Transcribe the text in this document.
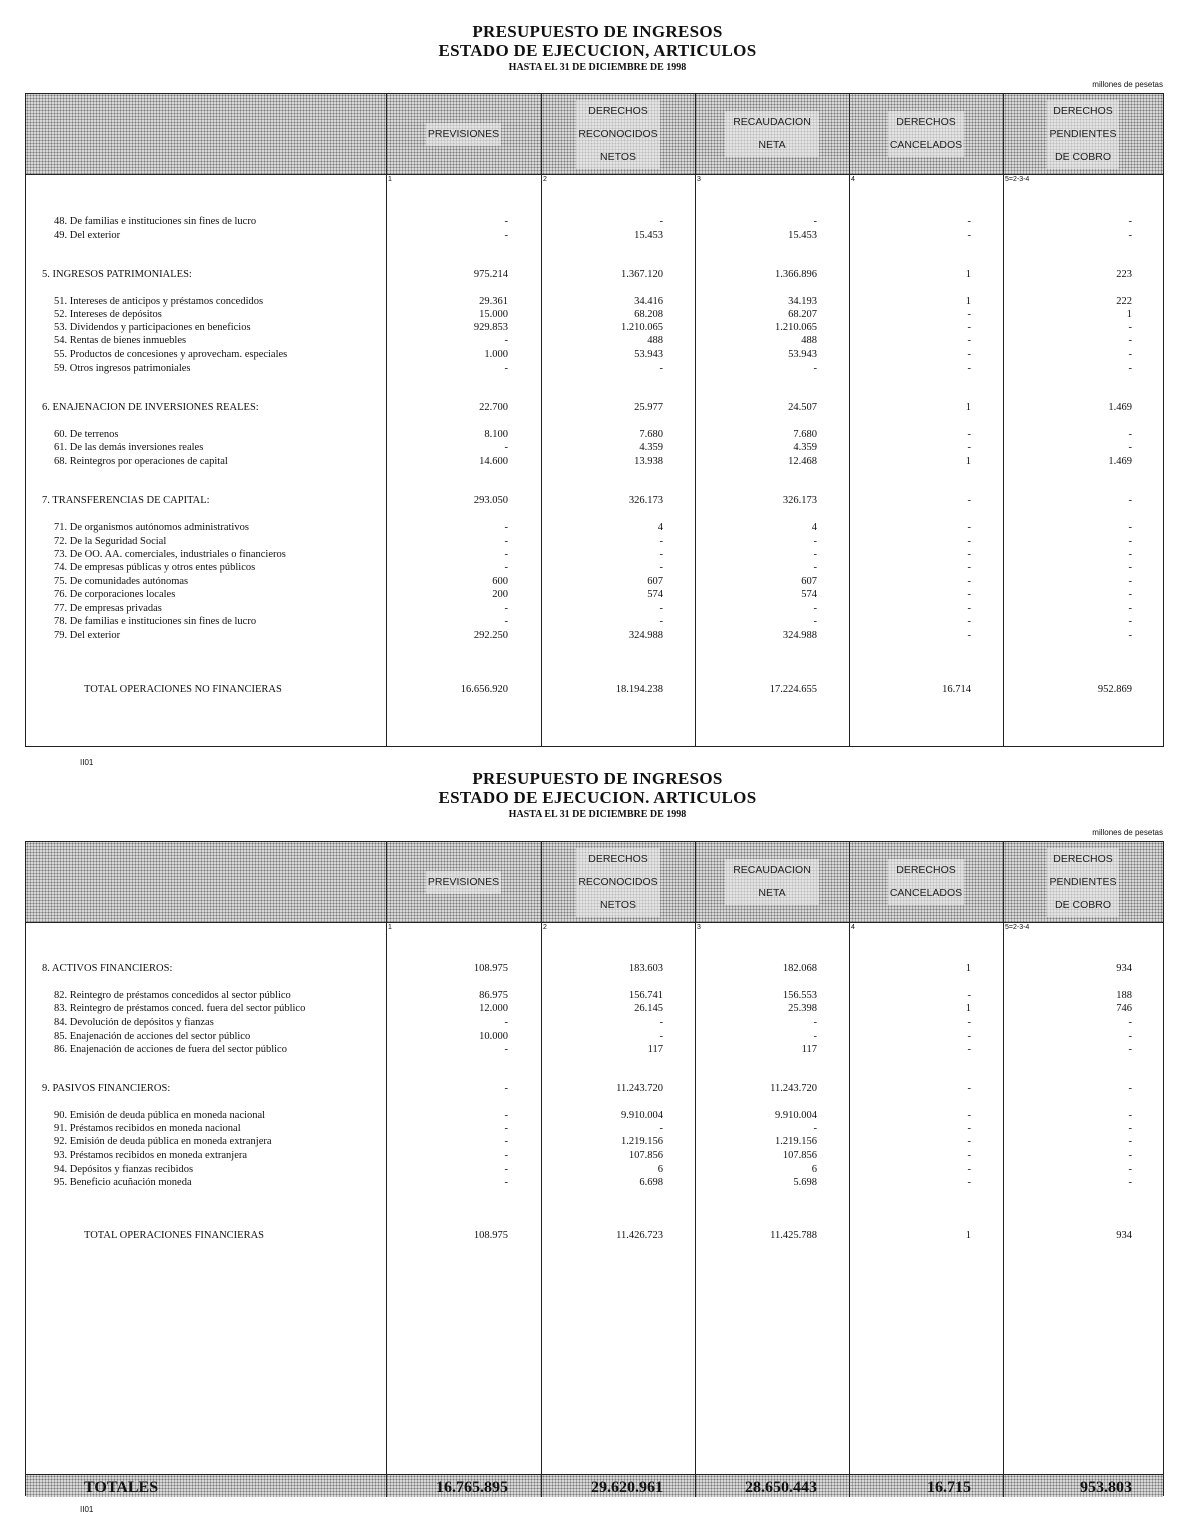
PRESUPUESTO DE INGRESOS
ESTADO DE EJECUCION, ARTICULOS
HASTA EL 31 DE DICIEMBRE DE 1998
millones de pesetas
PREVISIONES
DERECHOS RECONOCIDOS NETOS
RECAUDACION NETA
DERECHOS CANCELADOS
DERECHOS PENDIENTES DE COBRO
1	2	3	4	5=2-3-4
48. De familias e instituciones sin fines de lucro	-	-	-	-	-
49. Del exterior	-	15.453	15.453	-	-
5. INGRESOS PATRIMONIALES:	975.214	1.367.120	1.366.896	1	223
51. Intereses de anticipos y préstamos concedidos	29.361	34.416	34.193	1	222
52. Intereses de depósitos	15.000	68.208	68.207	-	1
53. Dividendos y participaciones en beneficios	929.853	1.210.065	1.210.065	-	-
54. Rentas de bienes inmuebles	-	488	488	-	-
55. Productos de concesiones y aprovecham. especiales	1.000	53.943	53.943	-	-
59. Otros ingresos patrimoniales	-	-	-	-	-
6. ENAJENACION DE INVERSIONES REALES:	22.700	25.977	24.507	1	1.469
60. De terrenos	8.100	7.680	7.680	-	-
61. De las demás inversiones reales	-	4.359	4.359	-	-
68. Reintegros por operaciones de capital	14.600	13.938	12.468	1	1.469
7. TRANSFERENCIAS DE CAPITAL:	293.050	326.173	326.173	-	-
71. De organismos autónomos administrativos	-	4	4	-	-
72. De la Seguridad Social	-	-	-	-	-
73. De OO. AA. comerciales, industriales o financieros	-	-	-	-	-
74. De empresas públicas y otros entes públicos	-	-	-	-	-
75. De comunidades autónomas	600	607	607	-	-
76. De corporaciones locales	200	574	574	-	-
77. De empresas privadas	-	-	-	-	-
78. De familias e instituciones sin fines de lucro	-	-	-	-	-
79. Del exterior	292.250	324.988	324.988	-	-
TOTAL OPERACIONES NO FINANCIERAS	16.656.920	18.194.238	17.224.655	16.714	952.869
II01
PRESUPUESTO DE INGRESOS
ESTADO DE EJECUCION. ARTICULOS
HASTA EL 31 DE DICIEMBRE DE 1998
millones de pesetas
PREVISIONES
DERECHOS RECONOCIDOS NETOS
RECAUDACION NETA
DERECHOS CANCELADOS
DERECHOS PENDIENTES DE COBRO
1	2	3	4	5=2-3-4
TOTALES	16.765.895	29.620.961	28.650.443	16.715	953.803
8. ACTIVOS FINANCIEROS:	108.975	183.603	182.068	1	934
82. Reintegro de préstamos concedidos al sector público	86.975	156.741	156.553	-	188
83. Reintegro de préstamos conced. fuera del sector público	12.000	26.145	25.398	1	746
84. Devolución de depósitos y fianzas	-	-	-	-	-
85. Enajenación de acciones del sector público	10.000	-	-	-	-
86. Enajenación de acciones de fuera del sector público	-	117	117	-	-
9. PASIVOS FINANCIEROS:	-	11.243.720	11.243.720	-	-
90. Emisión de deuda pública en moneda nacional	-	9.910.004	9.910.004	-	-
91. Préstamos recibidos en moneda nacional	-	-	-	-	-
92. Emisión de deuda pública en moneda extranjera	-	1.219.156	1.219.156	-	-
93. Préstamos recibidos en moneda extranjera	-	107.856	107.856	-	-
94. Depósitos y fianzas recibidos	-	6	6	-	-
95. Beneficio acuñación moneda	-	6.698	5.698	-	-
TOTAL OPERACIONES FINANCIERAS	108.975	11.426.723	11.425.788	1	934
II01
